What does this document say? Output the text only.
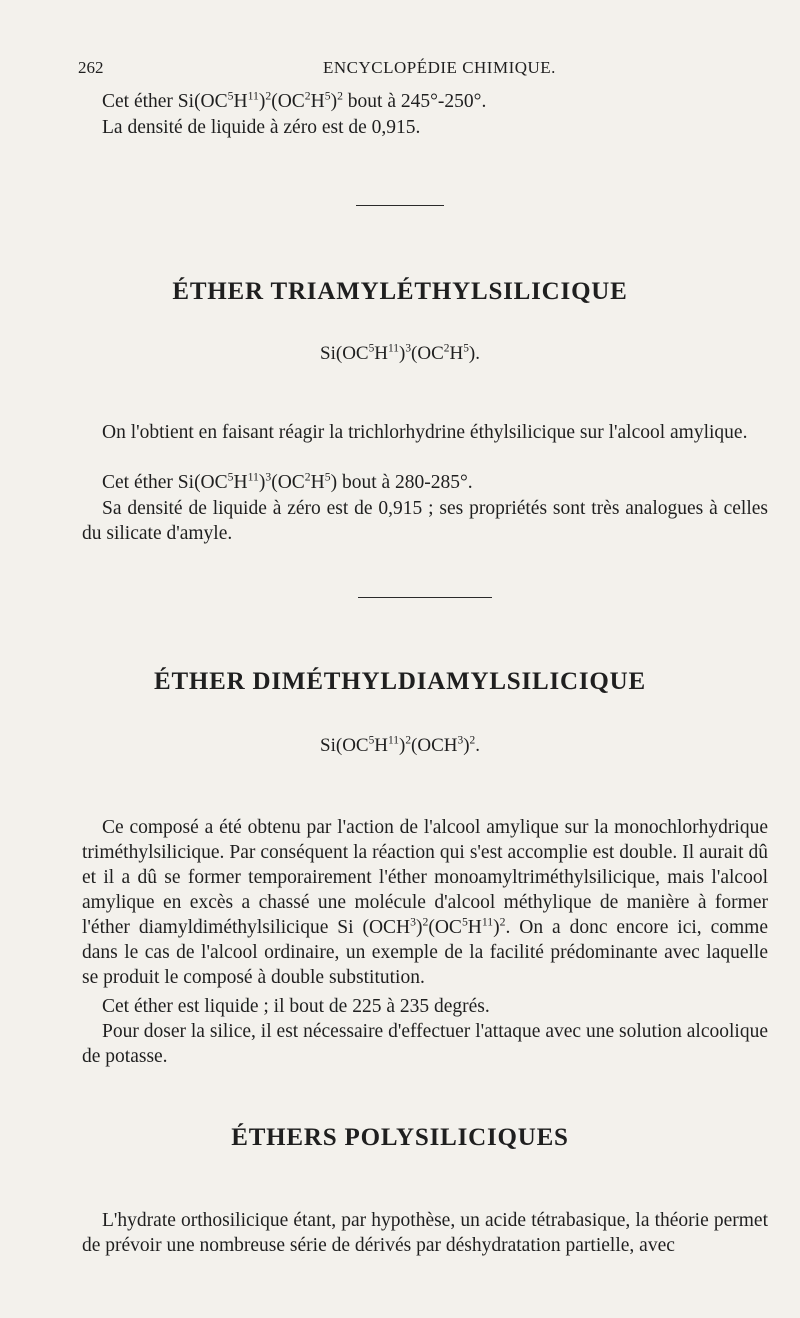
262	ENCYCLOPÉDIE CHIMIQUE.

Cet éther $Si(OC^5H^{11})^2(OC^2H^5)^2$ bout à 245°-250°.

La densité de liquide à zéro est de 0,915.

ÉTHER TRIAMYLÉTHYLSILICIQUE

$Si(OC^5H^{11})^3(OC^2H^5)$.

On l'obtient en faisant réagir la trichlorhydrine éthylsilicique sur l'alcool amylique.

Cet éther $Si(OC^5H^{11})^3(OC^2H^5)$ bout à 280-285°.

Sa densité de liquide à zéro est de 0,915 ; ses propriétés sont très analogues à celles du silicate d'amyle.

ÉTHER DIMÉTHYLDIAMYLSILICIQUE

$Si(OC^5H^{11})^2(OCH^3)^2$.

Ce composé a été obtenu par l'action de l'alcool amylique sur la monochlorhydrique triméthylsilicique. Par conséquent la réaction qui s'est accomplie est double. Il aurait dû et il a dû se former temporairement l'éther monoamyltriméthylsilicique, mais l'alcool amylique en excès a chassé une molécule d'alcool méthylique de manière à former l'éther diamyldiméthylsilicique Si $(OCH^3)^2(OC^5H^{11})^2$. On a donc encore ici, comme dans le cas de l'alcool ordinaire, un exemple de la facilité prédominante avec laquelle se produit le composé à double substitution.

Cet éther est liquide ; il bout de 225 à 235 degrés.

Pour doser la silice, il est nécessaire d'effectuer l'attaque avec une solution alcoolique de potasse.

ÉTHERS POLYSILICIQUES

L'hydrate orthosilicique étant, par hypothèse, un acide tétrabasique, la théorie permet de prévoir une nombreuse série de dérivés par déshydratation partielle, avec
